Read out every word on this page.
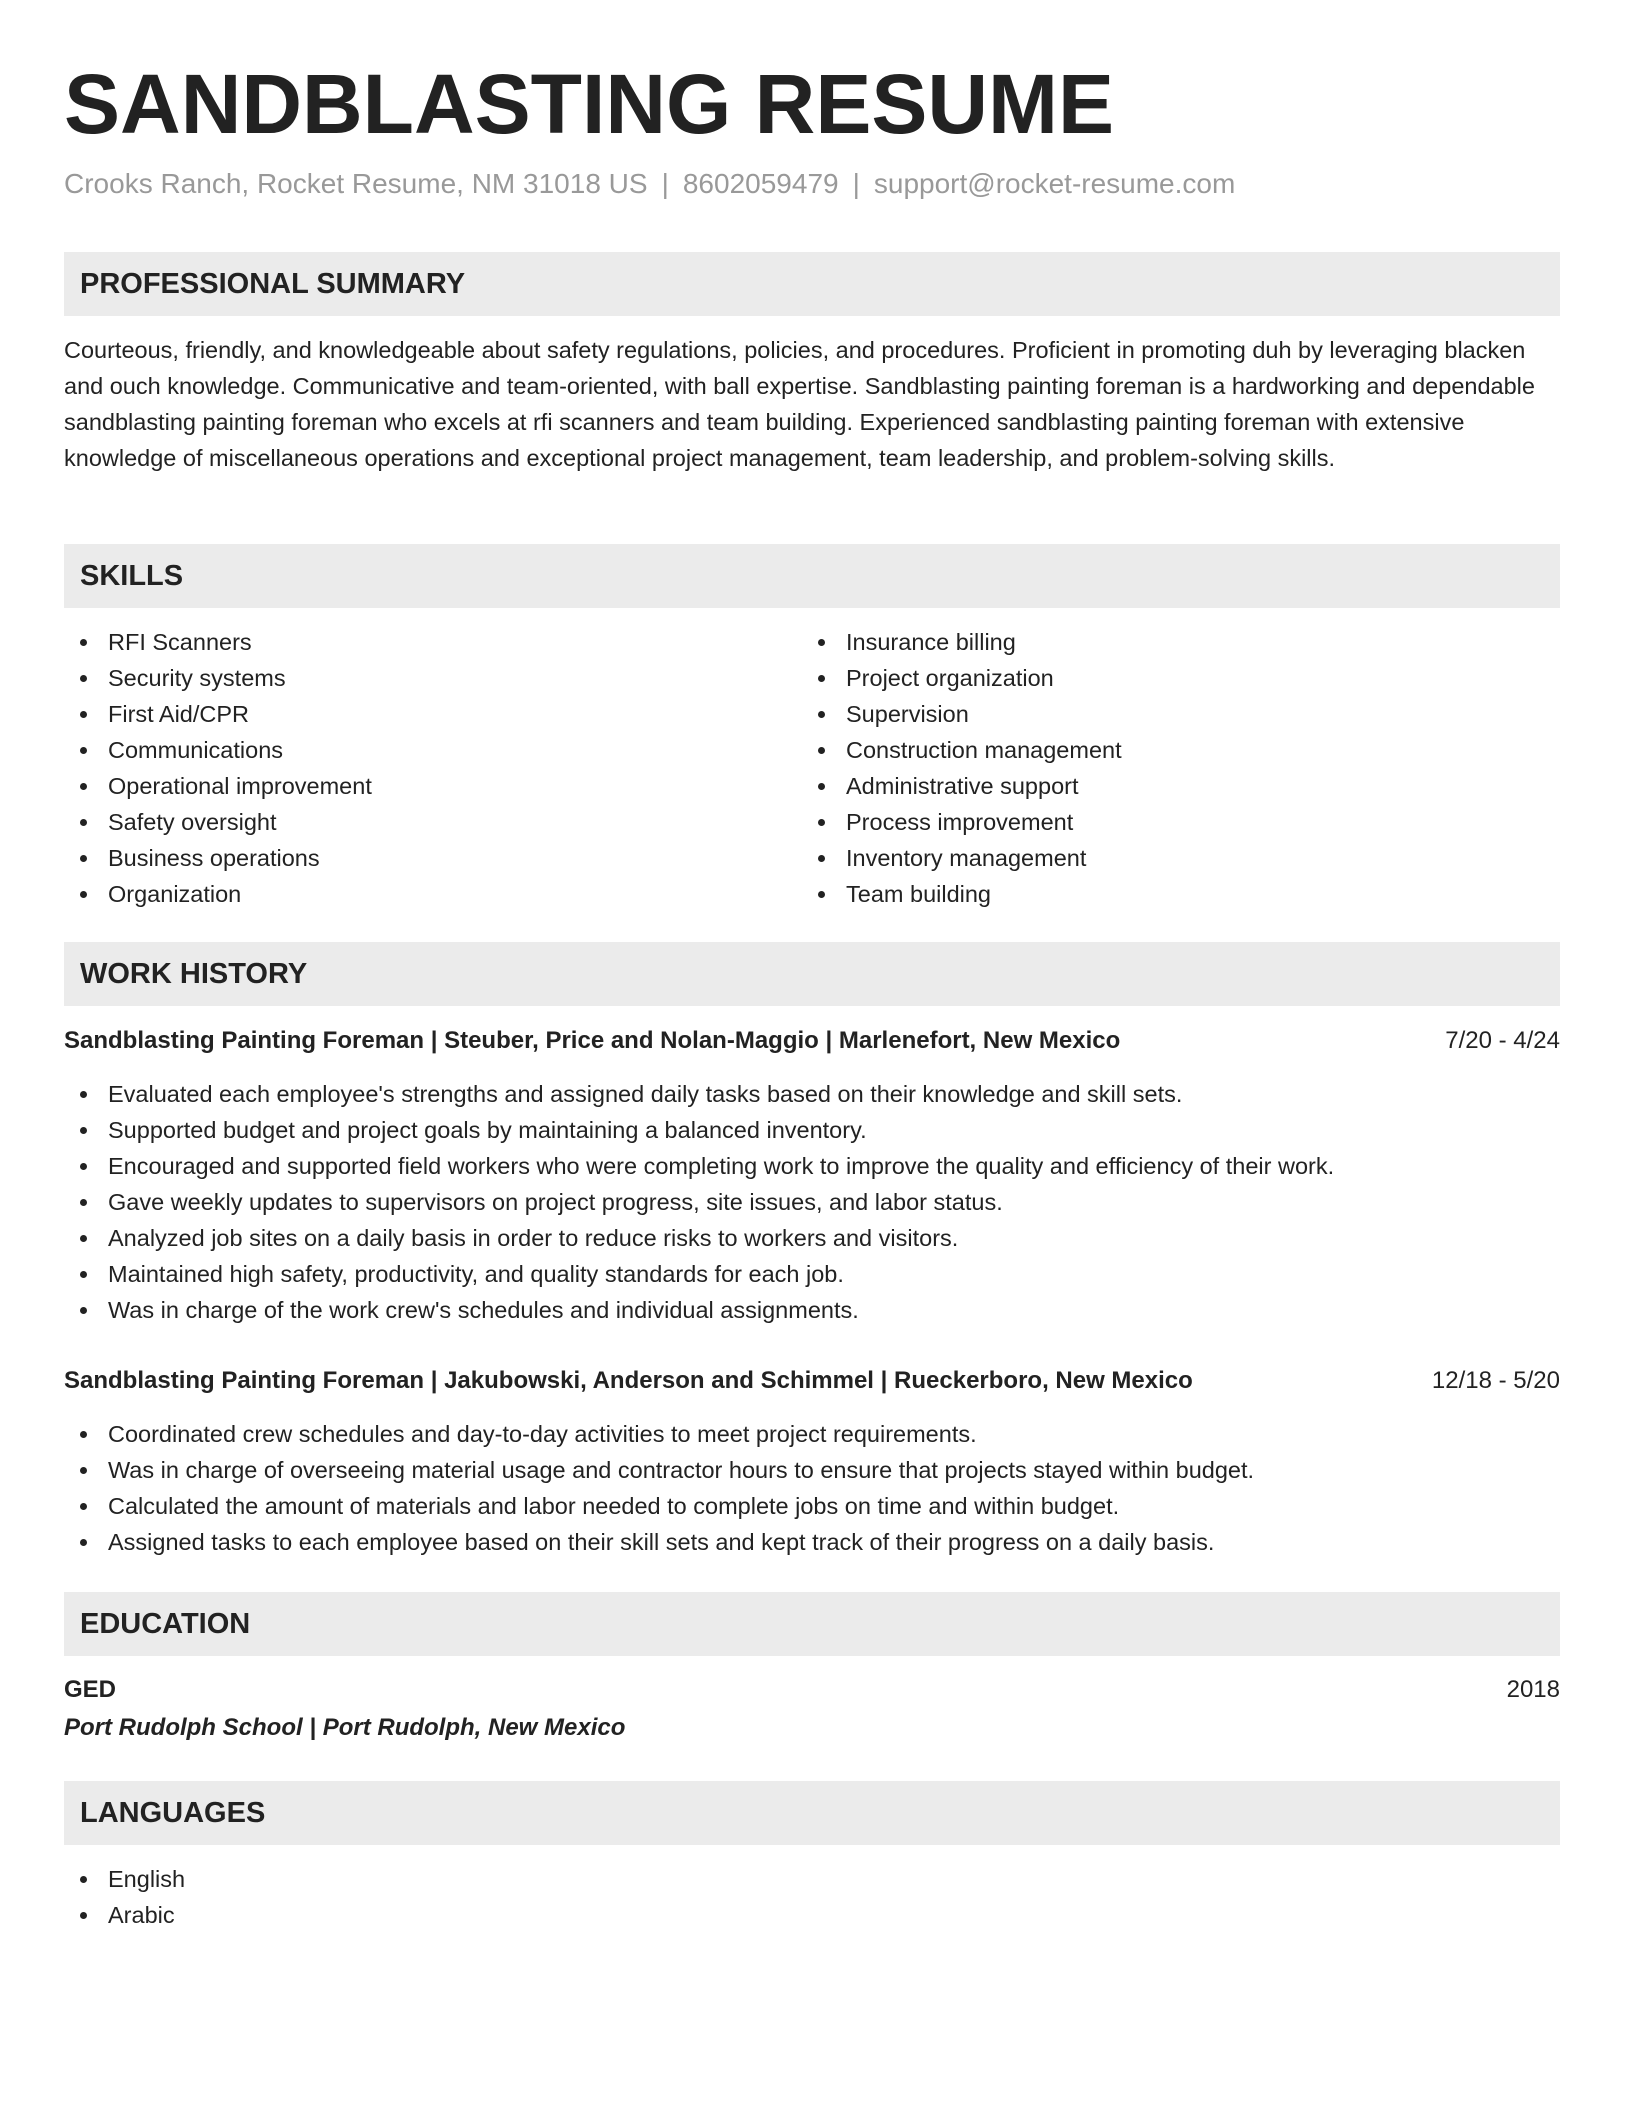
SANDBLASTING RESUME
Crooks Ranch, Rocket Resume, NM 31018 US | 8602059479 | support@rocket-resume.com
PROFESSIONAL SUMMARY
Courteous, friendly, and knowledgeable about safety regulations, policies, and procedures. Proficient in promoting duh by leveraging blacken and ouch knowledge. Communicative and team-oriented, with ball expertise. Sandblasting painting foreman is a hardworking and dependable sandblasting painting foreman who excels at rfi scanners and team building. Experienced sandblasting painting foreman with extensive knowledge of miscellaneous operations and exceptional project management, team leadership, and problem-solving skills.
SKILLS
RFI Scanners
Security systems
First Aid/CPR
Communications
Operational improvement
Safety oversight
Business operations
Organization
Insurance billing
Project organization
Supervision
Construction management
Administrative support
Process improvement
Inventory management
Team building
WORK HISTORY
Sandblasting Painting Foreman | Steuber, Price and Nolan-Maggio | Marlenefort, New Mexico	7/20 - 4/24
Evaluated each employee's strengths and assigned daily tasks based on their knowledge and skill sets.
Supported budget and project goals by maintaining a balanced inventory.
Encouraged and supported field workers who were completing work to improve the quality and efficiency of their work.
Gave weekly updates to supervisors on project progress, site issues, and labor status.
Analyzed job sites on a daily basis in order to reduce risks to workers and visitors.
Maintained high safety, productivity, and quality standards for each job.
Was in charge of the work crew's schedules and individual assignments.
Sandblasting Painting Foreman | Jakubowski, Anderson and Schimmel | Rueckerboro, New Mexico	12/18 - 5/20
Coordinated crew schedules and day-to-day activities to meet project requirements.
Was in charge of overseeing material usage and contractor hours to ensure that projects stayed within budget.
Calculated the amount of materials and labor needed to complete jobs on time and within budget.
Assigned tasks to each employee based on their skill sets and kept track of their progress on a daily basis.
EDUCATION
GED	2018
Port Rudolph School | Port Rudolph, New Mexico
LANGUAGES
English
Arabic
